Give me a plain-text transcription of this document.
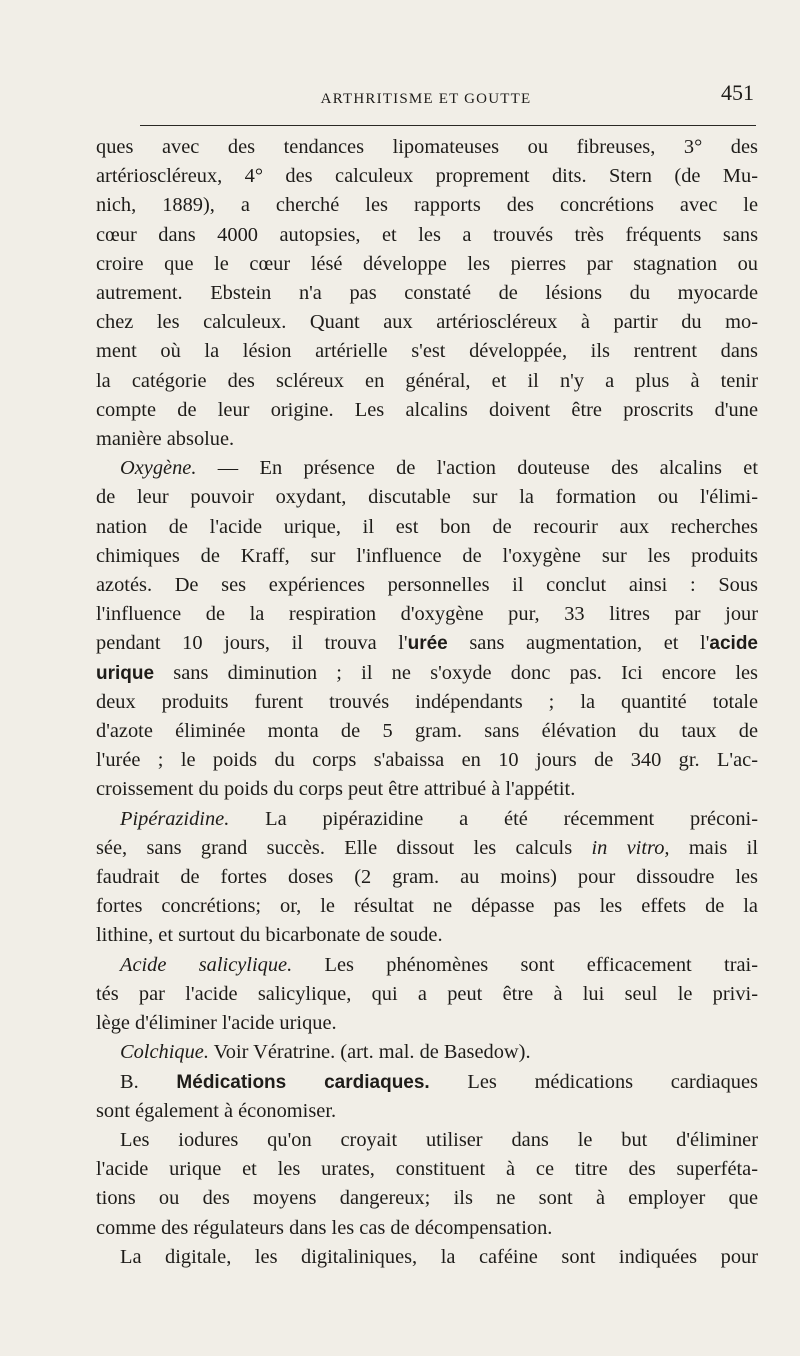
ARTHRITISME ET GOUTTE	451
ques avec des tendances lipomateuses ou fibreuses, 3° des
artérioscléreux, 4° des calculeux proprement dits. Stern (de Mu-
nich, 1889), a cherché les rapports des concrétions avec le
cœur dans 4000 autopsies, et les a trouvés très fréquents sans
croire que le cœur lésé développe les pierres par stagnation ou
autrement. Ebstein n'a pas constaté de lésions du myocarde
chez les calculeux. Quant aux artérioscléreux à partir du mo-
ment où la lésion artérielle s'est développée, ils rentrent dans
la catégorie des scléreux en général, et il n'y a plus à tenir
compte de leur origine. Les alcalins doivent être proscrits d'une
manière absolue.
Oxygène. — En présence de l'action douteuse des alcalins et
de leur pouvoir oxydant, discutable sur la formation ou l'élimi-
nation de l'acide urique, il est bon de recourir aux recherches
chimiques de Kraff, sur l'influence de l'oxygène sur les produits
azotés. De ses expériences personnelles il conclut ainsi : Sous
l'influence de la respiration d'oxygène pur, 33 litres par jour
pendant 10 jours, il trouva l'urée sans augmentation, et l'acide
urique sans diminution ; il ne s'oxyde donc pas. Ici encore les
deux produits furent trouvés indépendants ; la quantité totale
d'azote éliminée monta de 5 gram. sans élévation du taux de
l'urée ; le poids du corps s'abaissa en 10 jours de 340 gr. L'ac-
croissement du poids du corps peut être attribué à l'appétit.
Pipérazidine. La pipérazidine a été récemment préconi-
sée, sans grand succès. Elle dissout les calculs in vitro, mais il
faudrait de fortes doses (2 gram. au moins) pour dissoudre les
fortes concrétions; or, le résultat ne dépasse pas les effets de la
lithine, et surtout du bicarbonate de soude.
Acide salicylique. Les phénomènes sont efficacement trai-
tés par l'acide salicylique, qui a peut être à lui seul le privi-
lège d'éliminer l'acide urique.
Colchique. Voir Vératrine. (art. mal. de Basedow).
B. Médications cardiaques. Les médications cardiaques
sont également à économiser.
Les iodures qu'on croyait utiliser dans le but d'éliminer
l'acide urique et les urates, constituent à ce titre des superféta-
tions ou des moyens dangereux; ils ne sont à employer que
comme des régulateurs dans les cas de décompensation.
La digitale, les digitaliniques, la caféine sont indiquées pour
